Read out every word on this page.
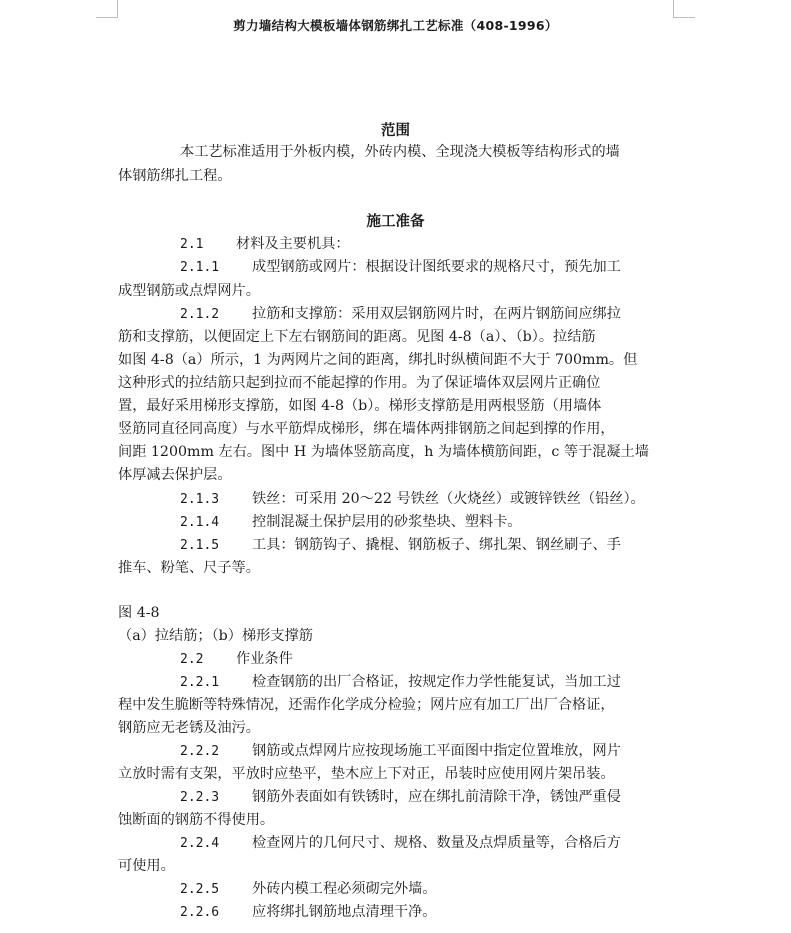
剪力墙结构大模板墙体钢筋绑扎工艺标准（408-1996）
范围
本工艺标准适用于外板内模，外砖内模、全现浇大模板等结构形式的墙
体钢筋绑扎工程。
施工准备
2.1 材料及主要机具：
2.1.1 成型钢筋或网片：根据设计图纸要求的规格尺寸，预先加工
成型钢筋或点焊网片。
2.1.2 拉筋和支撑筋：采用双层钢筋网片时，在两片钢筋间应绑拉
筋和支撑筋，以便固定上下左右钢筋间的距离。见图 4-8（a）、（b）。拉结筋
如图 4-8（a）所示，1 为两网片之间的距离，绑扎时纵横间距不大于 700mm。但
这种形式的拉结筋只起到拉而不能起撑的作用。为了保证墙体双层网片正确位
置，最好采用梯形支撑筋，如图 4-8（b）。梯形支撑筋是用两根竖筋（用墙体
竖筋同直径同高度）与水平筋焊成梯形，绑在墙体两排钢筋之间起到撑的作用，
间距 1200mm 左右。图中 H 为墙体竖筋高度，h 为墙体横筋间距，c 等于混凝土墙
体厚减去保护层。
2.1.3 铁丝：可采用 20～22 号铁丝（火烧丝）或镀锌铁丝（铅丝）。
2.1.4 控制混凝土保护层用的砂浆垫块、塑料卡。
2.1.5 工具：钢筋钩子、撬棍、钢筋板子、绑扎架、钢丝刷子、手
推车、粉笔、尺子等。
图 4-8
（a）拉结筋；（b）梯形支撑筋
2.2 作业条件
2.2.1 检查钢筋的出厂合格证，按规定作力学性能复试，当加工过
程中发生脆断等特殊情况，还需作化学成分检验；网片应有加工厂出厂合格证，
钢筋应无老锈及油污。
2.2.2 钢筋或点焊网片应按现场施工平面图中指定位置堆放，网片
立放时需有支架，平放时应垫平，垫木应上下对正，吊装时应使用网片架吊装。
2.2.3 钢筋外表面如有铁锈时，应在绑扎前清除干净，锈蚀严重侵
蚀断面的钢筋不得使用。
2.2.4 检查网片的几何尺寸、规格、数量及点焊质量等，合格后方
可使用。
2.2.5 外砖内模工程必须砌完外墙。
2.2.6 应将绑扎钢筋地点清理干净。
